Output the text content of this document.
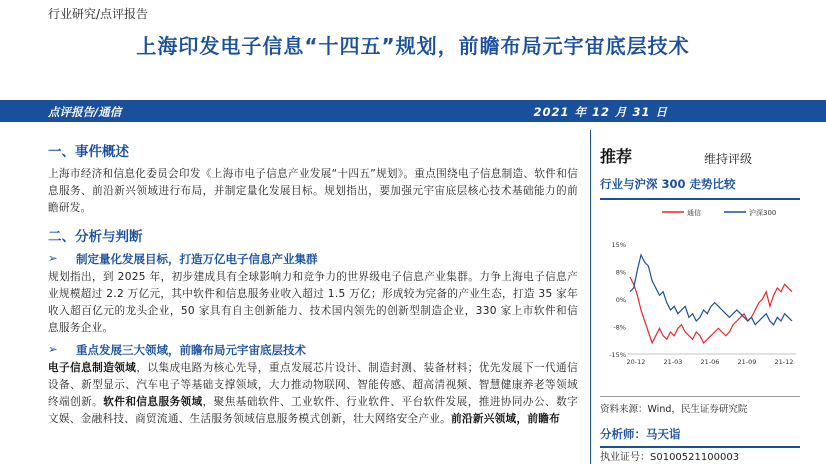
行业研究/点评报告
上海印发电子信息“十四五”规划，前瞻布局元宇宙底层技术
点评报告/通信	2021 年 12 月 31 日
一、事件概述
上海市经济和信息化委员会印发《上海市电子信息产业发展“十四五”规划》。重点围绕电子信息制造、软件和信息服务、前沿新兴领域进行布局，并制定量化发展目标。规划指出，要加强元宇宙底层核心技术基础能力的前瞻研发。
二、分析与判断
➢ 制定量化发展目标，打造万亿电子信息产业集群
规划指出，到 2025 年，初步建成具有全球影响力和竞争力的世界级电子信息产业集群。力争上海电子信息产业规模超过 2.2 万亿元，其中软件和信息服务业收入超过 1.5 万亿；形成较为完备的产业生态，打造 35 家年收入超百亿元的龙头企业，50 家具有自主创新能力、技术国内领先的创新型制造企业，330 家上市软件和信息服务企业。
➢ 重点发展三大领域，前瞻布局元宇宙底层技术
电子信息制造领域，以集成电路为核心先导，重点发展芯片设计、制造封测、装备材料；优先发展下一代通信设备、新型显示、汽车电子等基础支撑领域，大力推动物联网、智能传感、超高清视频、智慧健康养老等领域终端创新。软件和信息服务领域，聚焦基础软件、工业软件、行业软件、平台软件发展，推进协同办公、数字文娱、金融科技、商贸流通、生活服务领域信息服务模式创新，壮大网络安全产业。前沿新兴领域，前瞻布
推荐	维持评级
行业与沪深 300 走势比较
通信	沪深300
15%
8%
0%
-8%
-15%
20-12	21-03	21-06	21-09	21-12
资料来源：Wind，民生证券研究院
分析师：马天诣
执业证号：S0100521100003
